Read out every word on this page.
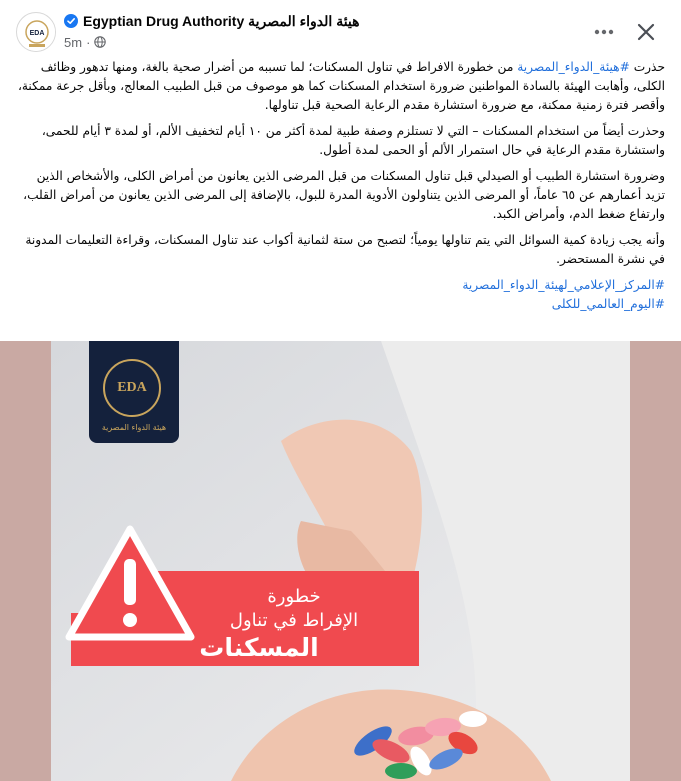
EDA
Egyptian Drug Authority هيئة الدواء المصرية
5m ·

حذرت #هيئة_الدواء_المصرية من خطورة الافراط في تناول المسكنات؛ لما تسببه من أضرار صحية بالغة، ومنها تدهور وظائف الكلى، وأهابت الهيئة بالسادة المواطنين ضرورة استخدام المسكنات كما هو موصوف من قبل الطبيب المعالج، وبأقل جرعة ممكنة، وأقصر فترة زمنية ممكنة، مع ضرورة استشارة مقدم الرعاية الصحية قبل تناولها.

وحذرت أيضاً من استخدام المسكنات – التي لا تستلزم وصفة طبية لمدة أكثر من ١٠ أيام لتخفيف الألم، أو لمدة ٣ أيام للحمى، واستشارة مقدم الرعاية في حال استمرار الألم أو الحمى لمدة أطول.

وضرورة استشارة الطبيب أو الصيدلي قبل تناول المسكنات من قبل المرضى الذين يعانون من أمراض الكلى، والأشخاص الذين تزيد أعمارهم عن ٦٥ عاماً، أو المرضى الذين يتناولون الأدوية المدرة للبول، بالإضافة إلى المرضى الذين يعانون من أمراض القلب، وارتفاع ضغط الدم، وأمراض الكبد.

وأنه يجب زيادة كمية السوائل التي يتم تناولها يومياً؛ لتصبح من ستة لثمانية أكواب عند تناول المسكنات، وقراءة التعليمات المدونة في نشرة المستحضر.

#المركز_الإعلامي_لهيئة_الدواء_المصرية
#اليوم_العالمي_للكلى
EDA
هيئة الدواء المصرية
خطورة
الإفراط في تناول
المسكنات
